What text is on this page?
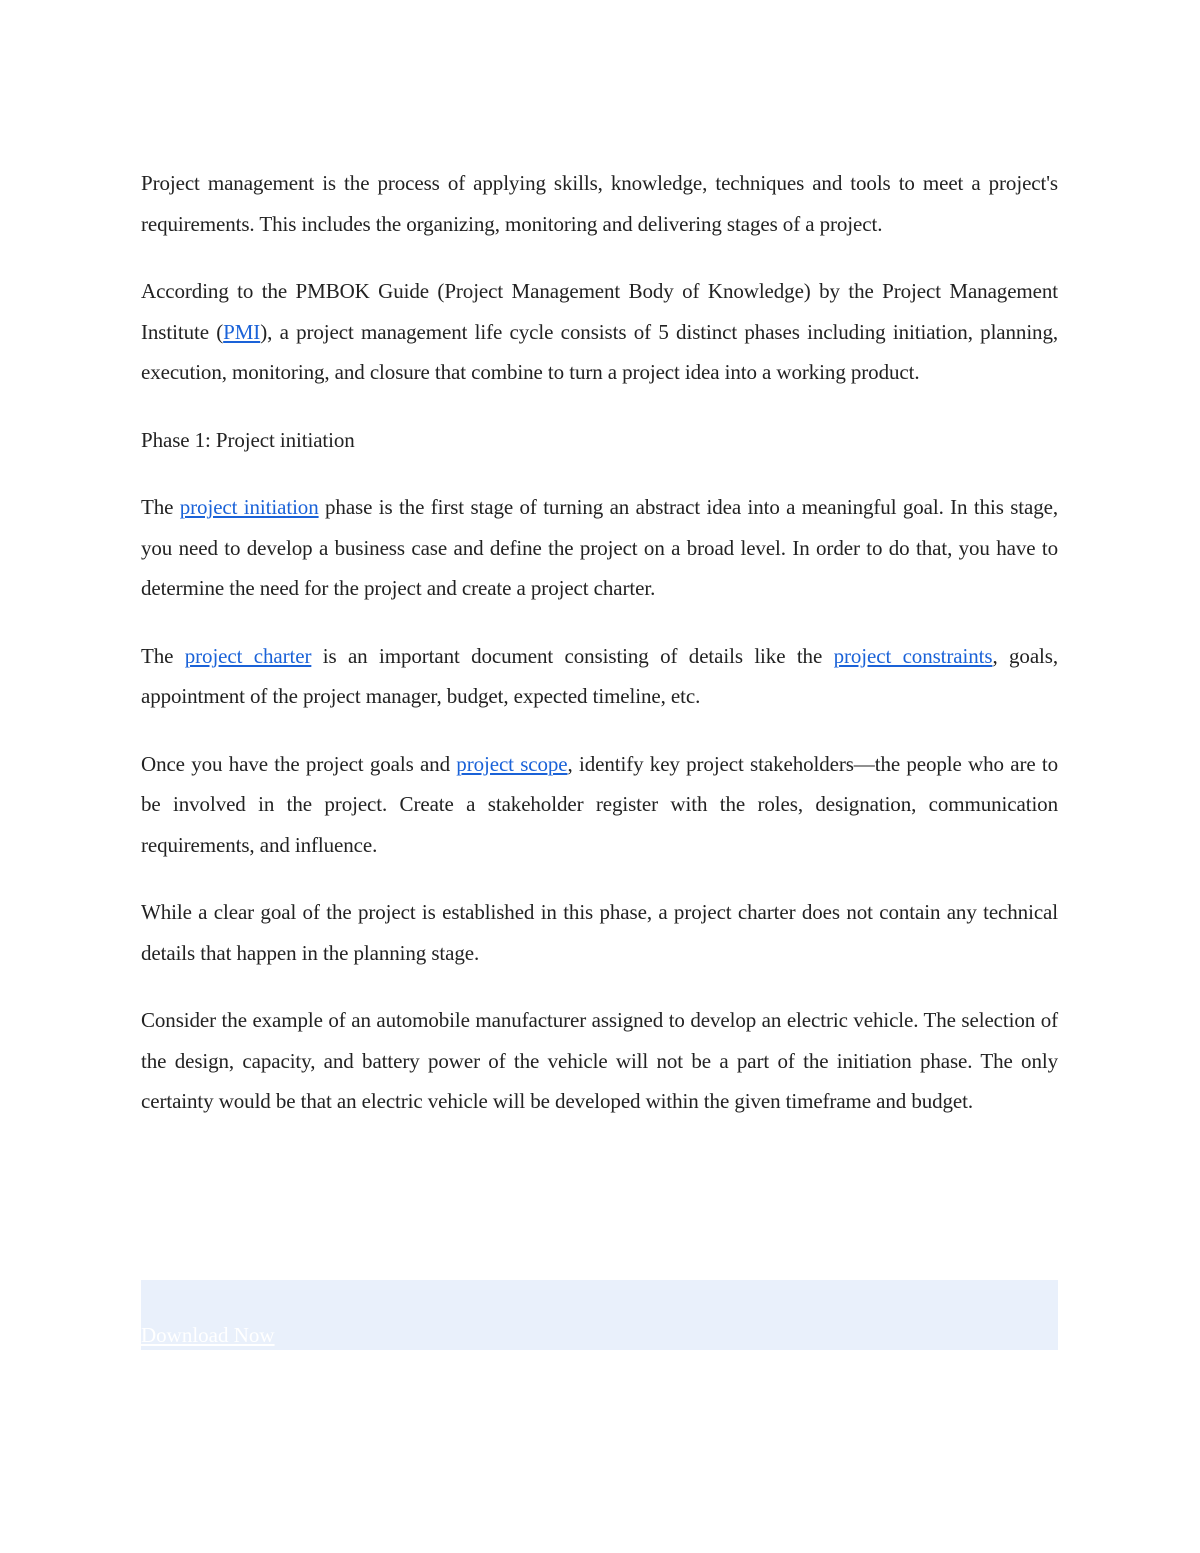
Project management is the process of applying skills, knowledge, techniques and tools to meet a project's requirements. This includes the organizing, monitoring and delivering stages of a project.

According to the PMBOK Guide (Project Management Body of Knowledge) by the Project Management Institute (PMI), a project management life cycle consists of 5 distinct phases including initiation, planning, execution, monitoring, and closure that combine to turn a project idea into a working product.

Phase 1: Project initiation

The project initiation phase is the first stage of turning an abstract idea into a meaningful goal. In this stage, you need to develop a business case and define the project on a broad level. In order to do that, you have to determine the need for the project and create a project charter.

The project charter is an important document consisting of details like the project constraints, goals, appointment of the project manager, budget, expected timeline, etc.

Once you have the project goals and project scope, identify key project stakeholders—the people who are to be involved in the project. Create a stakeholder register with the roles, designation, communication requirements, and influence.

While a clear goal of the project is established in this phase, a project charter does not contain any technical details that happen in the planning stage.

Consider the example of an automobile manufacturer assigned to develop an electric vehicle. The selection of the design, capacity, and battery power of the vehicle will not be a part of the initiation phase. The only certainty would be that an electric vehicle will be developed within the given timeframe and budget.

Download Now
